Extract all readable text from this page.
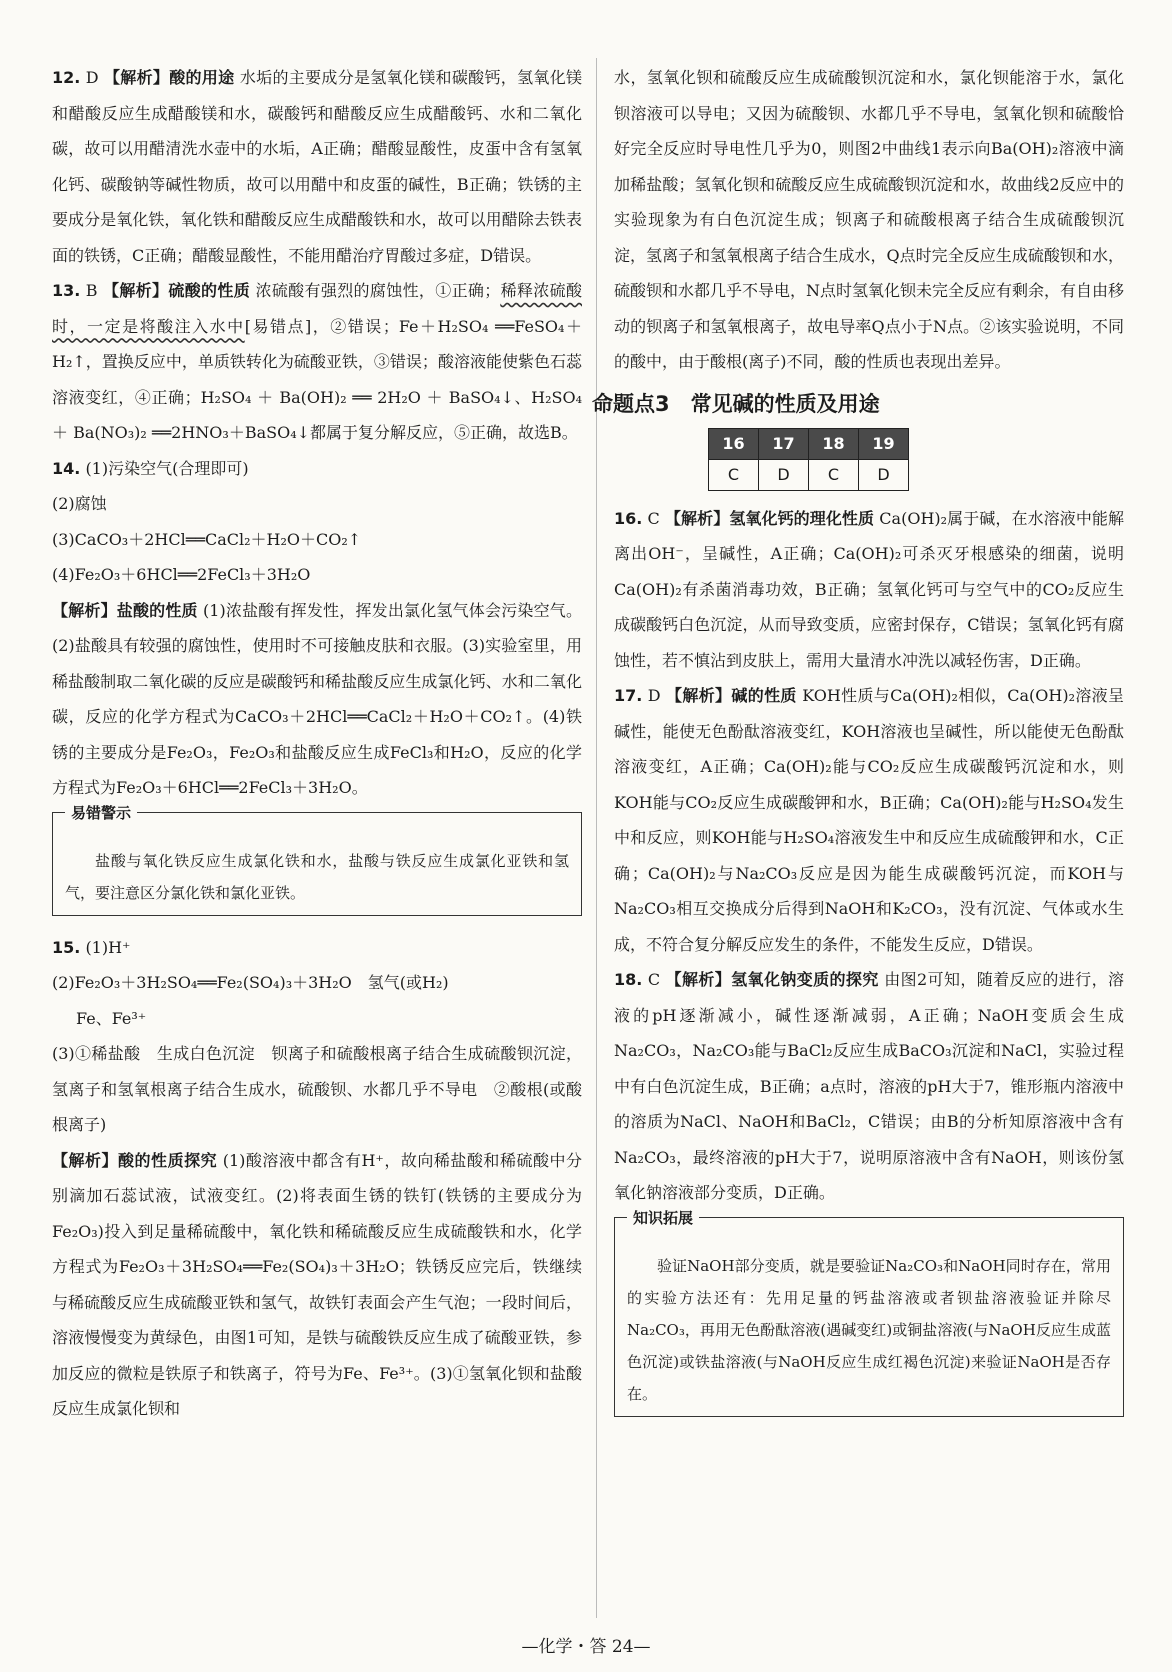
12. D 【解析】酸的用途 水垢的主要成分是氢氧化镁和碳酸钙，氢氧化镁和醋酸反应生成醋酸镁和水，碳酸钙和醋酸反应生成醋酸钙、水和二氧化碳，故可以用醋清洗水壶中的水垢，A正确；醋酸显酸性，皮蛋中含有氢氧化钙、碳酸钠等碱性物质，故可以用醋中和皮蛋的碱性，B正确；铁锈的主要成分是氧化铁，氧化铁和醋酸反应生成醋酸铁和水，故可以用醋除去铁表面的铁锈，C正确；醋酸显酸性，不能用醋治疗胃酸过多症，D错误。

13. B 【解析】硫酸的性质 浓硫酸有强烈的腐蚀性，①正确；稀释浓硫酸时，一定是将酸注入水中[易错点]，②错误；Fe＋H₂SO₄ ══FeSO₄＋H₂↑，置换反应中，单质铁转化为硫酸亚铁，③错误；酸溶液能使紫色石蕊溶液变红，④正确；H₂SO₄ ＋ Ba(OH)₂ ══ 2H₂O ＋ BaSO₄↓、H₂SO₄ ＋ Ba(NO₃)₂ ══2HNO₃＋BaSO₄↓都属于复分解反应，⑤正确，故选B。

14. (1)污染空气(合理即可)

(2)腐蚀

(3)CaCO₃＋2HCl══CaCl₂＋H₂O＋CO₂↑

(4)Fe₂O₃＋6HCl══2FeCl₃＋3H₂O

【解析】盐酸的性质 (1)浓盐酸有挥发性，挥发出氯化氢气体会污染空气。(2)盐酸具有较强的腐蚀性，使用时不可接触皮肤和衣服。(3)实验室里，用稀盐酸制取二氧化碳的反应是碳酸钙和稀盐酸反应生成氯化钙、水和二氧化碳，反应的化学方程式为CaCO₃＋2HCl══CaCl₂＋H₂O＋CO₂↑。(4)铁锈的主要成分是Fe₂O₃，Fe₂O₃和盐酸反应生成FeCl₃和H₂O，反应的化学方程式为Fe₂O₃＋6HCl══2FeCl₃＋3H₂O。

易错警示
盐酸与氧化铁反应生成氯化铁和水，盐酸与铁反应生成氯化亚铁和氢气，要注意区分氯化铁和氯化亚铁。

15. (1)H⁺

(2)Fe₂O₃＋3H₂SO₄══Fe₂(SO₄)₃＋3H₂O　氢气(或H₂)

Fe、Fe³⁺

(3)①稀盐酸　生成白色沉淀　钡离子和硫酸根离子结合生成硫酸钡沉淀，氢离子和氢氧根离子结合生成水，硫酸钡、水都几乎不导电　②酸根(或酸根离子)

【解析】酸的性质探究 (1)酸溶液中都含有H⁺，故向稀盐酸和稀硫酸中分别滴加石蕊试液，试液变红。(2)将表面生锈的铁钉(铁锈的主要成分为Fe₂O₃)投入到足量稀硫酸中，氧化铁和稀硫酸反应生成硫酸铁和水，化学方程式为Fe₂O₃＋3H₂SO₄══Fe₂(SO₄)₃＋3H₂O；铁锈反应完后，铁继续与稀硫酸反应生成硫酸亚铁和氢气，故铁钉表面会产生气泡；一段时间后，溶液慢慢变为黄绿色，由图1可知，是铁与硫酸铁反应生成了硫酸亚铁，参加反应的微粒是铁原子和铁离子，符号为Fe、Fe³⁺。(3)①氢氧化钡和盐酸反应生成氯化钡和

水，氢氧化钡和硫酸反应生成硫酸钡沉淀和水，氯化钡能溶于水，氯化钡溶液可以导电；又因为硫酸钡、水都几乎不导电，氢氧化钡和硫酸恰好完全反应时导电性几乎为0，则图2中曲线1表示向Ba(OH)₂溶液中滴加稀盐酸；氢氧化钡和硫酸反应生成硫酸钡沉淀和水，故曲线2反应中的实验现象为有白色沉淀生成；钡离子和硫酸根离子结合生成硫酸钡沉淀，氢离子和氢氧根离子结合生成水，Q点时完全反应生成硫酸钡和水，硫酸钡和水都几乎不导电，N点时氢氧化钡未完全反应有剩余，有自由移动的钡离子和氢氧根离子，故电导率Q点小于N点。②该实验说明，不同的酸中，由于酸根(离子)不同，酸的性质也表现出差异。

命题点3　常见碱的性质及用途
16	17	18	19
C	D	C	D

16. C 【解析】氢氧化钙的理化性质 Ca(OH)₂属于碱，在水溶液中能解离出OH⁻，呈碱性，A正确；Ca(OH)₂可杀灭牙根感染的细菌，说明Ca(OH)₂有杀菌消毒功效，B正确；氢氧化钙可与空气中的CO₂反应生成碳酸钙白色沉淀，从而导致变质，应密封保存，C错误；氢氧化钙有腐蚀性，若不慎沾到皮肤上，需用大量清水冲洗以减轻伤害，D正确。

17. D 【解析】碱的性质 KOH性质与Ca(OH)₂相似，Ca(OH)₂溶液呈碱性，能使无色酚酞溶液变红，KOH溶液也呈碱性，所以能使无色酚酞溶液变红，A正确；Ca(OH)₂能与CO₂反应生成碳酸钙沉淀和水，则KOH能与CO₂反应生成碳酸钾和水，B正确；Ca(OH)₂能与H₂SO₄发生中和反应，则KOH能与H₂SO₄溶液发生中和反应生成硫酸钾和水，C正确；Ca(OH)₂与Na₂CO₃反应是因为能生成碳酸钙沉淀，而KOH与Na₂CO₃相互交换成分后得到NaOH和K₂CO₃，没有沉淀、气体或水生成，不符合复分解反应发生的条件，不能发生反应，D错误。

18. C 【解析】氢氧化钠变质的探究 由图2可知，随着反应的进行，溶液的pH逐渐减小，碱性逐渐减弱，A正确；NaOH变质会生成Na₂CO₃，Na₂CO₃能与BaCl₂反应生成BaCO₃沉淀和NaCl，实验过程中有白色沉淀生成，B正确；a点时，溶液的pH大于7，锥形瓶内溶液中的溶质为NaCl、NaOH和BaCl₂，C错误；由B的分析知原溶液中含有Na₂CO₃，最终溶液的pH大于7，说明原溶液中含有NaOH，则该份氢氧化钠溶液部分变质，D正确。

知识拓展
验证NaOH部分变质，就是要验证Na₂CO₃和NaOH同时存在，常用的实验方法还有：先用足量的钙盐溶液或者钡盐溶液验证并除尽Na₂CO₃，再用无色酚酞溶液(遇碱变红)或铜盐溶液(与NaOH反应生成蓝色沉淀)或铁盐溶液(与NaOH反应生成红褐色沉淀)来验证NaOH是否存在。
—化学・答 24—
